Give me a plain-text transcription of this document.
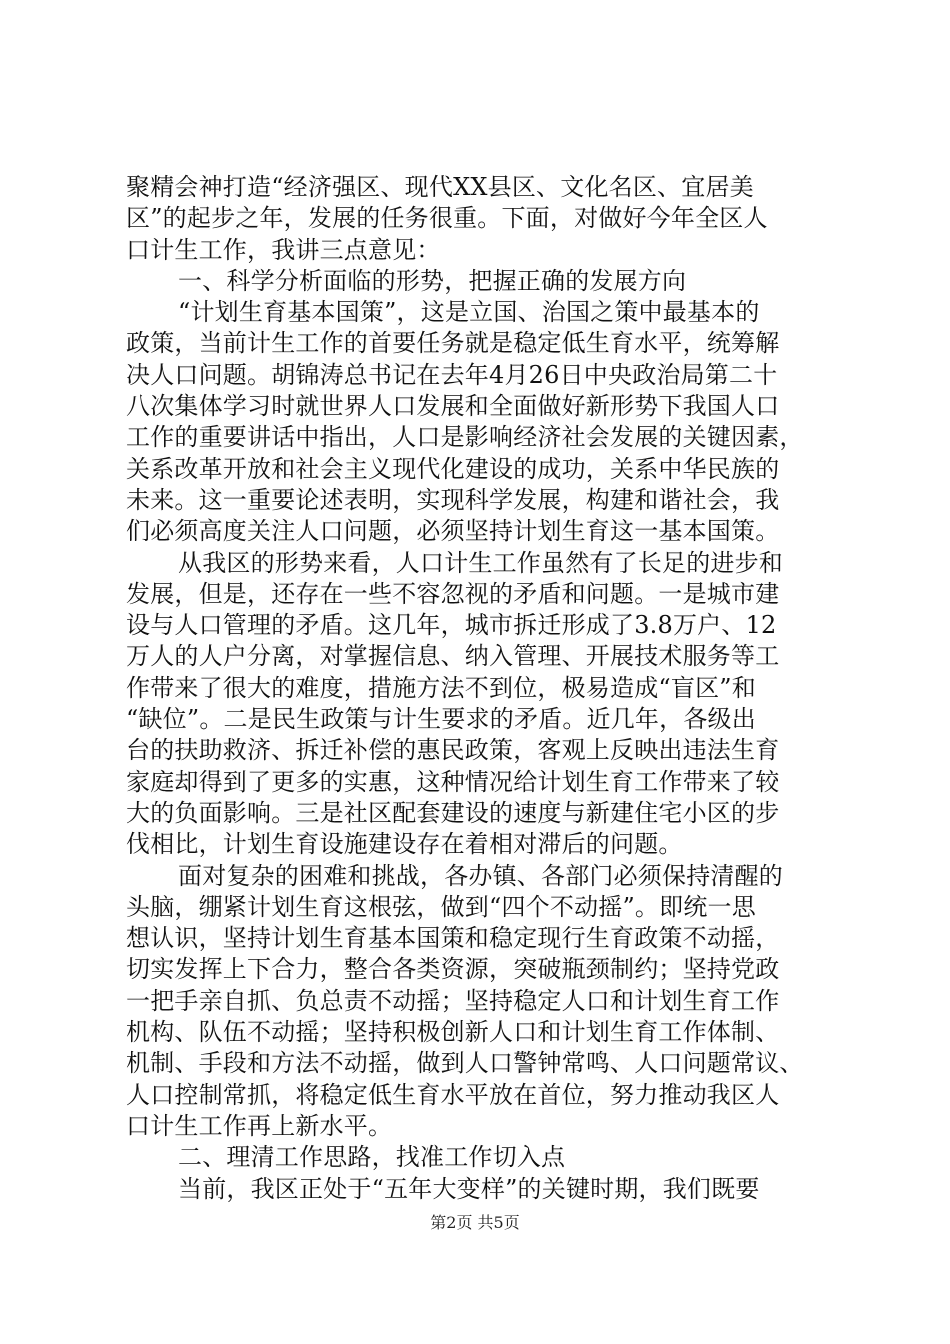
聚精会神打造“经济强区、现代XX县区、文化名区、宜居美
区”的起步之年，发展的任务很重。下面，对做好今年全区人
口计生工作，我讲三点意见：
一、科学分析面临的形势，把握正确的发展方向
“计划生育基本国策”，这是立国、治国之策中最基本的
政策，当前计生工作的首要任务就是稳定低生育水平，统筹解
决人口问题。胡锦涛总书记在去年4月26日中央政治局第二十
八次集体学习时就世界人口发展和全面做好新形势下我国人口
工作的重要讲话中指出，人口是影响经济社会发展的关键因素，
关系改革开放和社会主义现代化建设的成功，关系中华民族的
未来。这一重要论述表明，实现科学发展，构建和谐社会，我
们必须高度关注人口问题，必须坚持计划生育这一基本国策。
从我区的形势来看，人口计生工作虽然有了长足的进步和
发展，但是，还存在一些不容忽视的矛盾和问题。一是城市建
设与人口管理的矛盾。这几年，城市拆迁形成了3.8万户、12
万人的人户分离，对掌握信息、纳入管理、开展技术服务等工
作带来了很大的难度，措施方法不到位，极易造成“盲区”和
“缺位”。二是民生政策与计生要求的矛盾。近几年，各级出
台的扶助救济、拆迁补偿的惠民政策，客观上反映出违法生育
家庭却得到了更多的实惠，这种情况给计划生育工作带来了较
大的负面影响。三是社区配套建设的速度与新建住宅小区的步
伐相比，计划生育设施建设存在着相对滞后的问题。
面对复杂的困难和挑战，各办镇、各部门必须保持清醒的
头脑，绷紧计划生育这根弦，做到“四个不动摇”。即统一思
想认识，坚持计划生育基本国策和稳定现行生育政策不动摇，
切实发挥上下合力，整合各类资源，突破瓶颈制约；坚持党政
一把手亲自抓、负总责不动摇；坚持稳定人口和计划生育工作
机构、队伍不动摇；坚持积极创新人口和计划生育工作体制、
机制、手段和方法不动摇，做到人口警钟常鸣、人口问题常议、
人口控制常抓，将稳定低生育水平放在首位，努力推动我区人
口计生工作再上新水平。
二、理清工作思路，找准工作切入点
当前，我区正处于“五年大变样”的关键时期，我们既要
第2页 共5页
